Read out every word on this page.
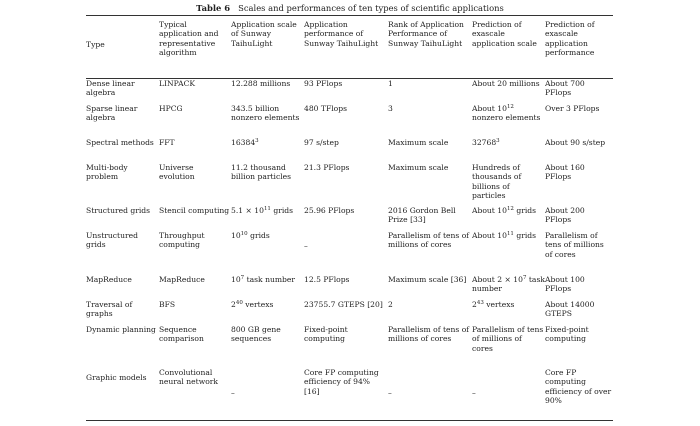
Table 6 Scales and performances of ten types of scientific applications
Type	Typical application and representative algorithm	Application scale of Sunway TaihuLight	Application performance of Sunway TaihuLight	Rank of Application Performance of Sunway TaihuLight	Prediction of exascale application scale	Prediction of exascale application performance
Dense linear algebra	LINPACK	12.288 millions	93 PFlops	1	About 20 millions	About 700 PFlops
Sparse linear algebra	HPCG	343.5 billion nonzero elements	480 TFlops	3	About $10^{12}$ nonzero elements	Over 3 PFlops
Spectral methods	FFT	16384$^3$	97 s/step	Maximum scale	32768$^3$	About 90 s/step
Multi-body problem	Universe evolution	11.2 thousand billion particles	21.3 PFlops	Maximum scale	Hundreds of thousands of billions of particles	About 160 PFlops
Structured grids	Stencil computing	$5.1 \times 10^{11}$ grids	25.96 PFlops	2016 Gordon Bell Prize [33]	About $10^{12}$ grids	About 200 PFlops
Unstructured grids	Throughput computing	$10^{10}$ grids	–	Parallelism of tens of millions of cores	About $10^{11}$ grids	Parallelism of tens of millions of cores
MapReduce	MapReduce	$10^7$ task number	12.5 PFlops	Maximum scale [36]	About $2 \times 10^7$ task number	About 100 PFlops
Traversal of graphs	BFS	$2^{40}$ vertexs	23755.7 GTEPS [20]	2	$2^{43}$ vertexs	About 14000 GTEPS
Dynamic planning	Sequence comparison	800 GB gene sequences	Fixed-point computing	Parallelism of tens of millions of cores	Parallelism of tens of millions of cores	Fixed-point computing
Graphic models	Convolutional neural network	–	Core FP computing efficiency of 94% [16]	–	–	Core FP computing efficiency of over 90%
